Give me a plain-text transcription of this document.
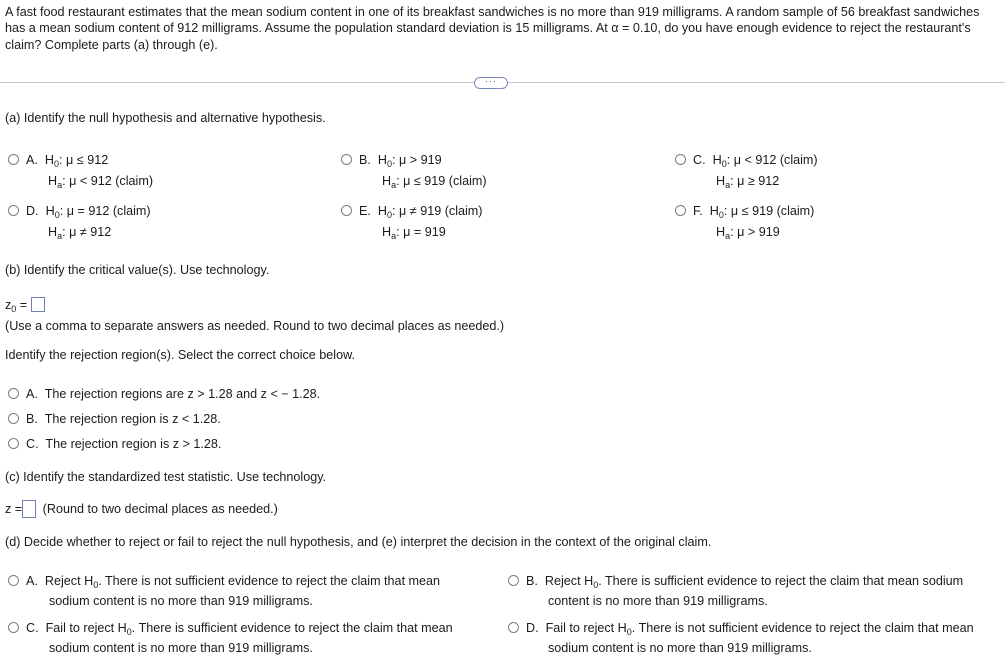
A fast food restaurant estimates that the mean sodium content in one of its breakfast sandwiches is no more than 919 milligrams. A random sample of 56 breakfast sandwiches has a mean sodium content of 912 milligrams. Assume the population standard deviation is 15 milligrams. At α = 0.10, do you have enough evidence to reject the restaurant's claim? Complete parts (a) through (e).
···
(a) Identify the null hypothesis and alternative hypothesis.
A. $H_0$: μ ≤ 912
$H_a$: μ < 912 (claim)
B. $H_0$: μ > 919
$H_a$: μ ≤ 919 (claim)
C. $H_0$: μ < 912 (claim)
$H_a$: μ ≥ 912
D. $H_0$: μ = 912 (claim)
$H_a$: μ ≠ 912
E. $H_0$: μ ≠ 919 (claim)
$H_a$: μ = 919
F. $H_0$: μ ≤ 919 (claim)
$H_a$: μ > 919
(b) Identify the critical value(s). Use technology.
$z_0$ =
(Use a comma to separate answers as needed. Round to two decimal places as needed.)
Identify the rejection region(s). Select the correct choice below.
A. The rejection regions are z > 1.28 and z < − 1.28.
B. The rejection region is z < 1.28.
C. The rejection region is z > 1.28.
(c) Identify the standardized test statistic. Use technology.
z = (Round to two decimal places as needed.)
(d) Decide whether to reject or fail to reject the null hypothesis, and (e) interpret the decision in the context of the original claim.
A. Reject $H_0$. There is not sufficient evidence to reject the claim that mean
sodium content is no more than 919 milligrams.
B. Reject $H_0$. There is sufficient evidence to reject the claim that mean sodium
content is no more than 919 milligrams.
C. Fail to reject $H_0$. There is sufficient evidence to reject the claim that mean
sodium content is no more than 919 milligrams.
D. Fail to reject $H_0$. There is not sufficient evidence to reject the claim that mean
sodium content is no more than 919 milligrams.
